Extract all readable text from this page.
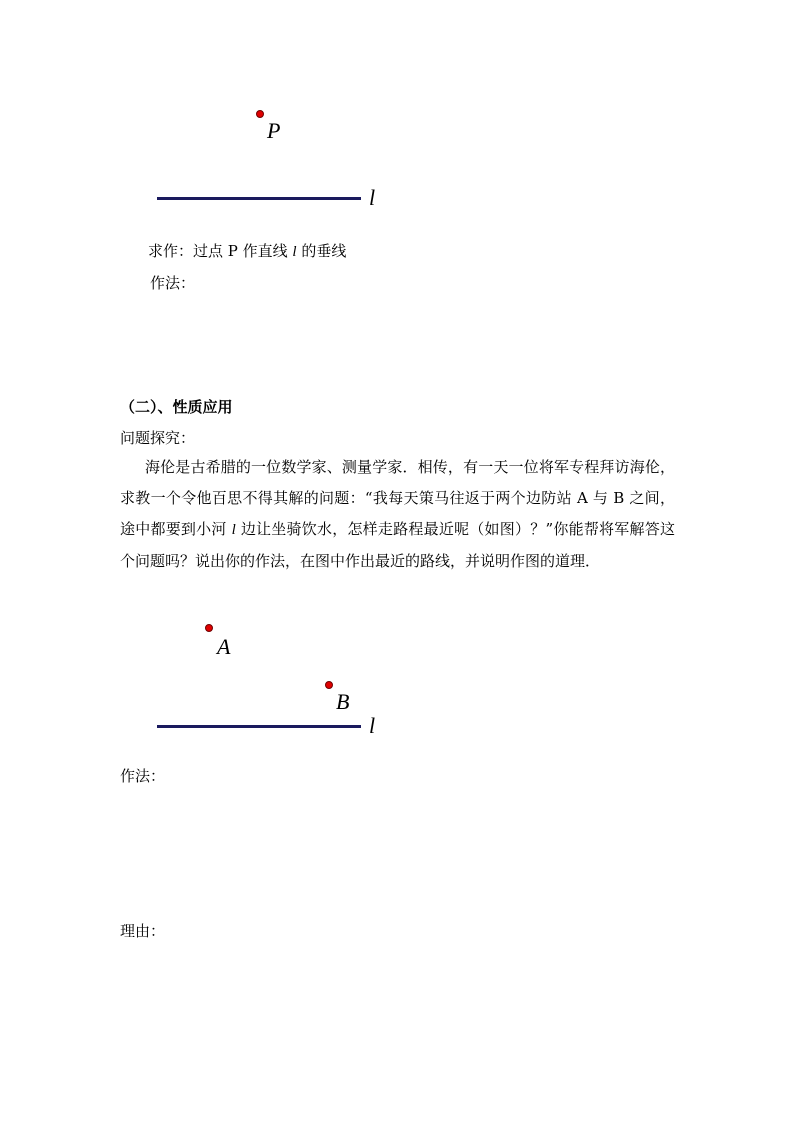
P
l
求作：过点 P 作直线 l 的垂线
作法：
（二）、性质应用
问题探究：

海伦是古希腊的一位数学家、测量学家．相传，有一天一位将军专程拜访海伦，求教一个令他百思不得其解的问题：“我每天策马往返于两个边防站 A 与 B 之间，途中都要到小河 l 边让坐骑饮水，怎样走路程最近呢（如图）？”你能帮将军解答这个问题吗？说出你的作法，在图中作出最近的路线，并说明作图的道理．

A
B
l
作法：
理由：
